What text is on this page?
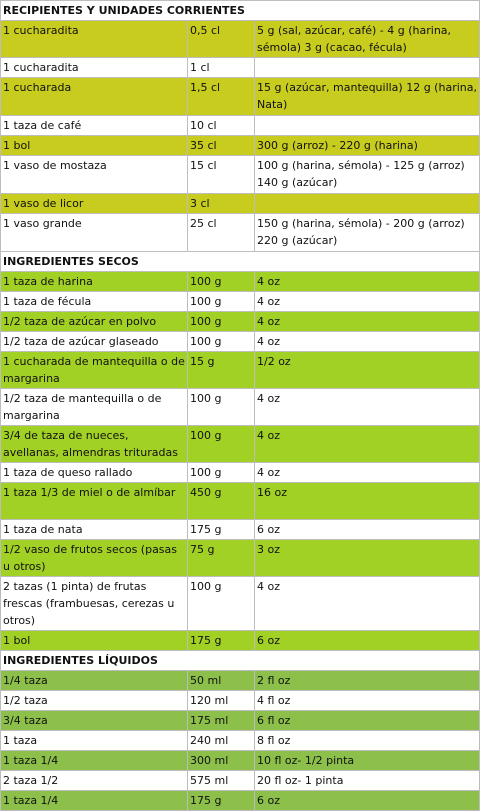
RECIPIENTES Y UNIDADES CORRIENTES		
1 cucharadita	0,5 cl	5 g (sal, azúcar, café) - 4 g (harina, sémola) 3 g (cacao, fécula)
1 cucharadita	1 cl	
1 cucharada	1,5 cl	15 g (azúcar, mantequilla) 12 g (harina, Nata)
1 taza de café	10 cl	
1 bol	35 cl	300 g (arroz) - 220 g (harina)
1 vaso de mostaza	15 cl	100 g (harina, sémola) - 125 g (arroz) 140 g (azúcar)
1 vaso de licor	3 cl	
1 vaso grande	25 cl	150 g (harina, sémola) - 200 g (arroz) 220 g (azúcar)
INGREDIENTES SECOS		
1 taza de harina	100 g	4 oz
1 taza de fécula	100 g	4 oz
1/2 taza de azúcar en polvo	100 g	4 oz
1/2 taza de azúcar glaseado	100 g	4 oz
1 cucharada de mantequilla o de margarina	15 g	1/2 oz
1/2 taza de mantequilla o de margarina	100 g	4 oz
3/4 de taza de nueces, avellanas, almendras trituradas	100 g	4 oz
1 taza de queso rallado	100 g	4 oz
1 taza 1/3 de miel o de almíbar	450 g	16 oz
1 taza de nata	175 g	6 oz
1/2 vaso de frutos secos (pasas u otros)	75 g	3 oz
2 tazas (1 pinta) de frutas frescas (frambuesas, cerezas u otros)	100 g	4 oz
1 bol	175 g	6 oz
INGREDIENTES LÍQUIDOS		
1/4 taza	50 ml	2 fl oz
1/2 taza	120 ml	4 fl oz
3/4 taza	175 ml	6 fl oz
1 taza	240 ml	8 fl oz
1 taza 1/4	300 ml	10 fl oz- 1/2 pinta
2 taza 1/2	575 ml	20 fl oz- 1 pinta
1 taza 1/4	175 g	6 oz
